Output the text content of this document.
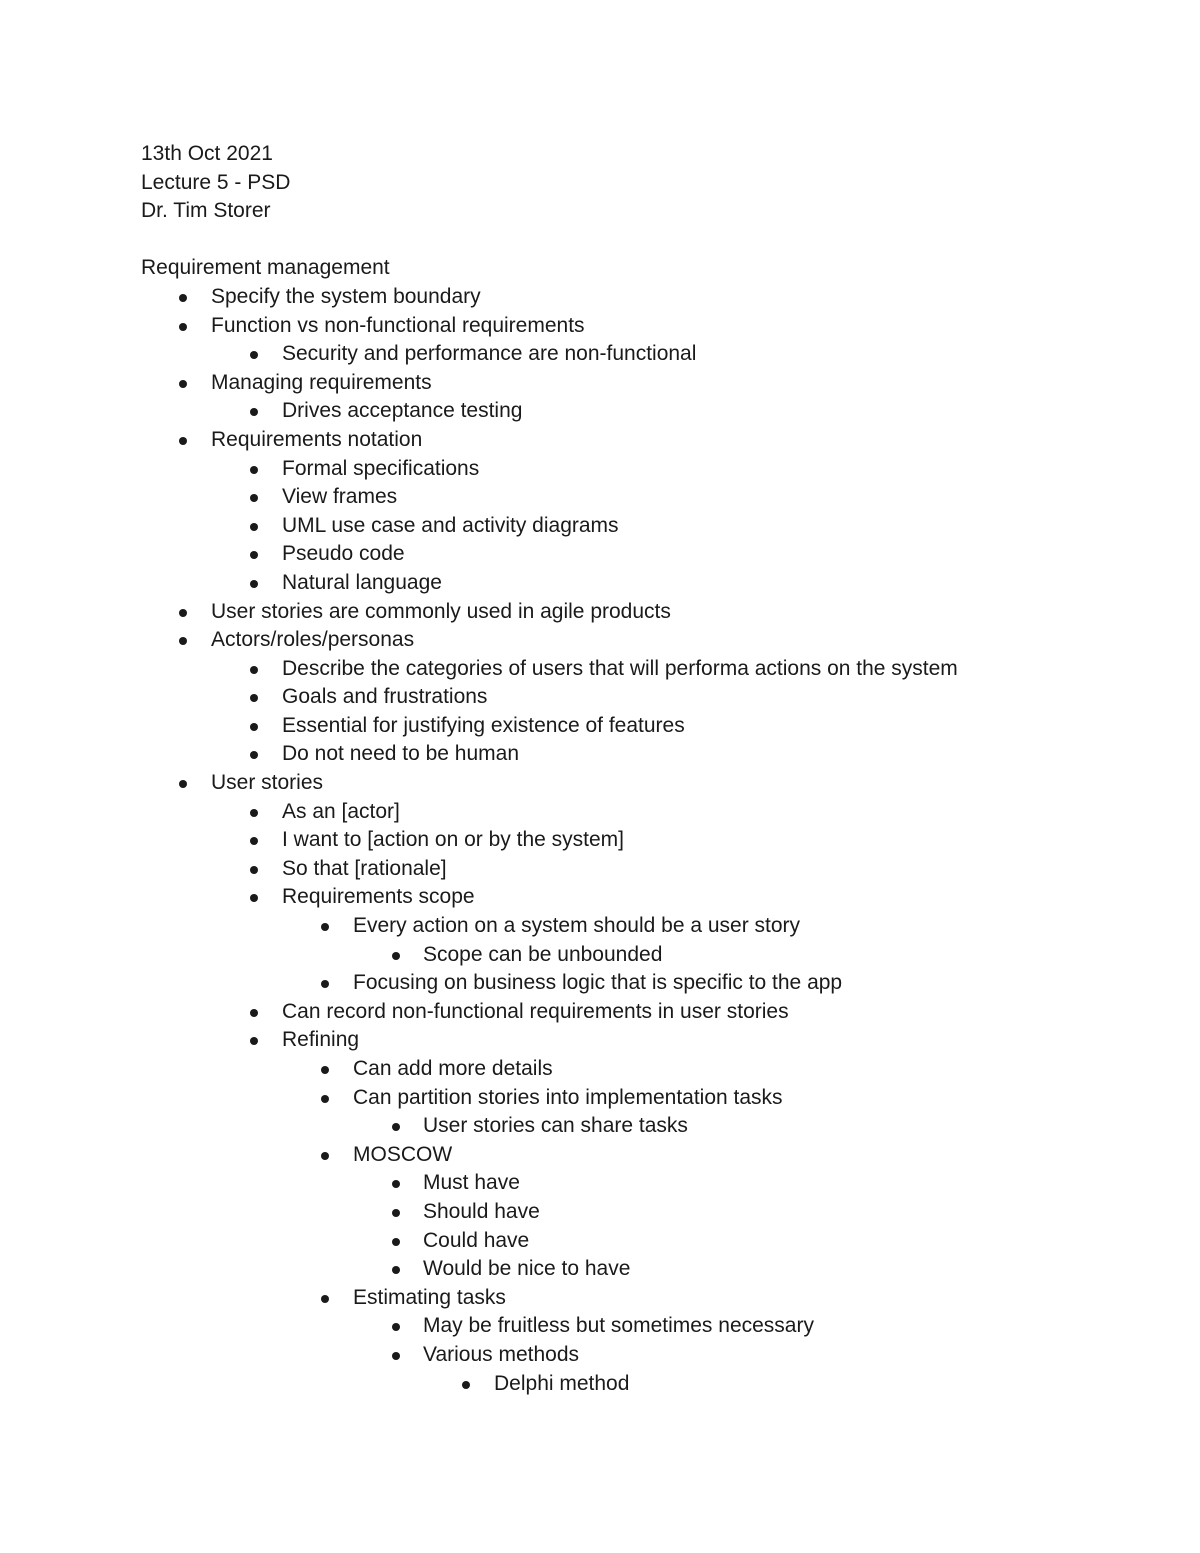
13th Oct 2021
Lecture 5 - PSD
Dr. Tim Storer
Requirement management
Specify the system boundary
Function vs non-functional requirements
Security and performance are non-functional
Managing requirements
Drives acceptance testing
Requirements notation
Formal specifications
View frames
UML use case and activity diagrams
Pseudo code
Natural language
User stories are commonly used in agile products
Actors/roles/personas
Describe the categories of users that will performa actions on the system
Goals and frustrations
Essential for justifying existence of features
Do not need to be human
User stories
As an [actor]
I want to [action on or by the system]
So that [rationale]
Requirements scope
Every action on a system should be a user story
Scope can be unbounded
Focusing on business logic that is specific to the app
Can record non-functional requirements in user stories
Refining
Can add more details
Can partition stories into implementation tasks
User stories can share tasks
MOSCOW
Must have
Should have
Could have
Would be nice to have
Estimating tasks
May be fruitless but sometimes necessary
Various methods
Delphi method
